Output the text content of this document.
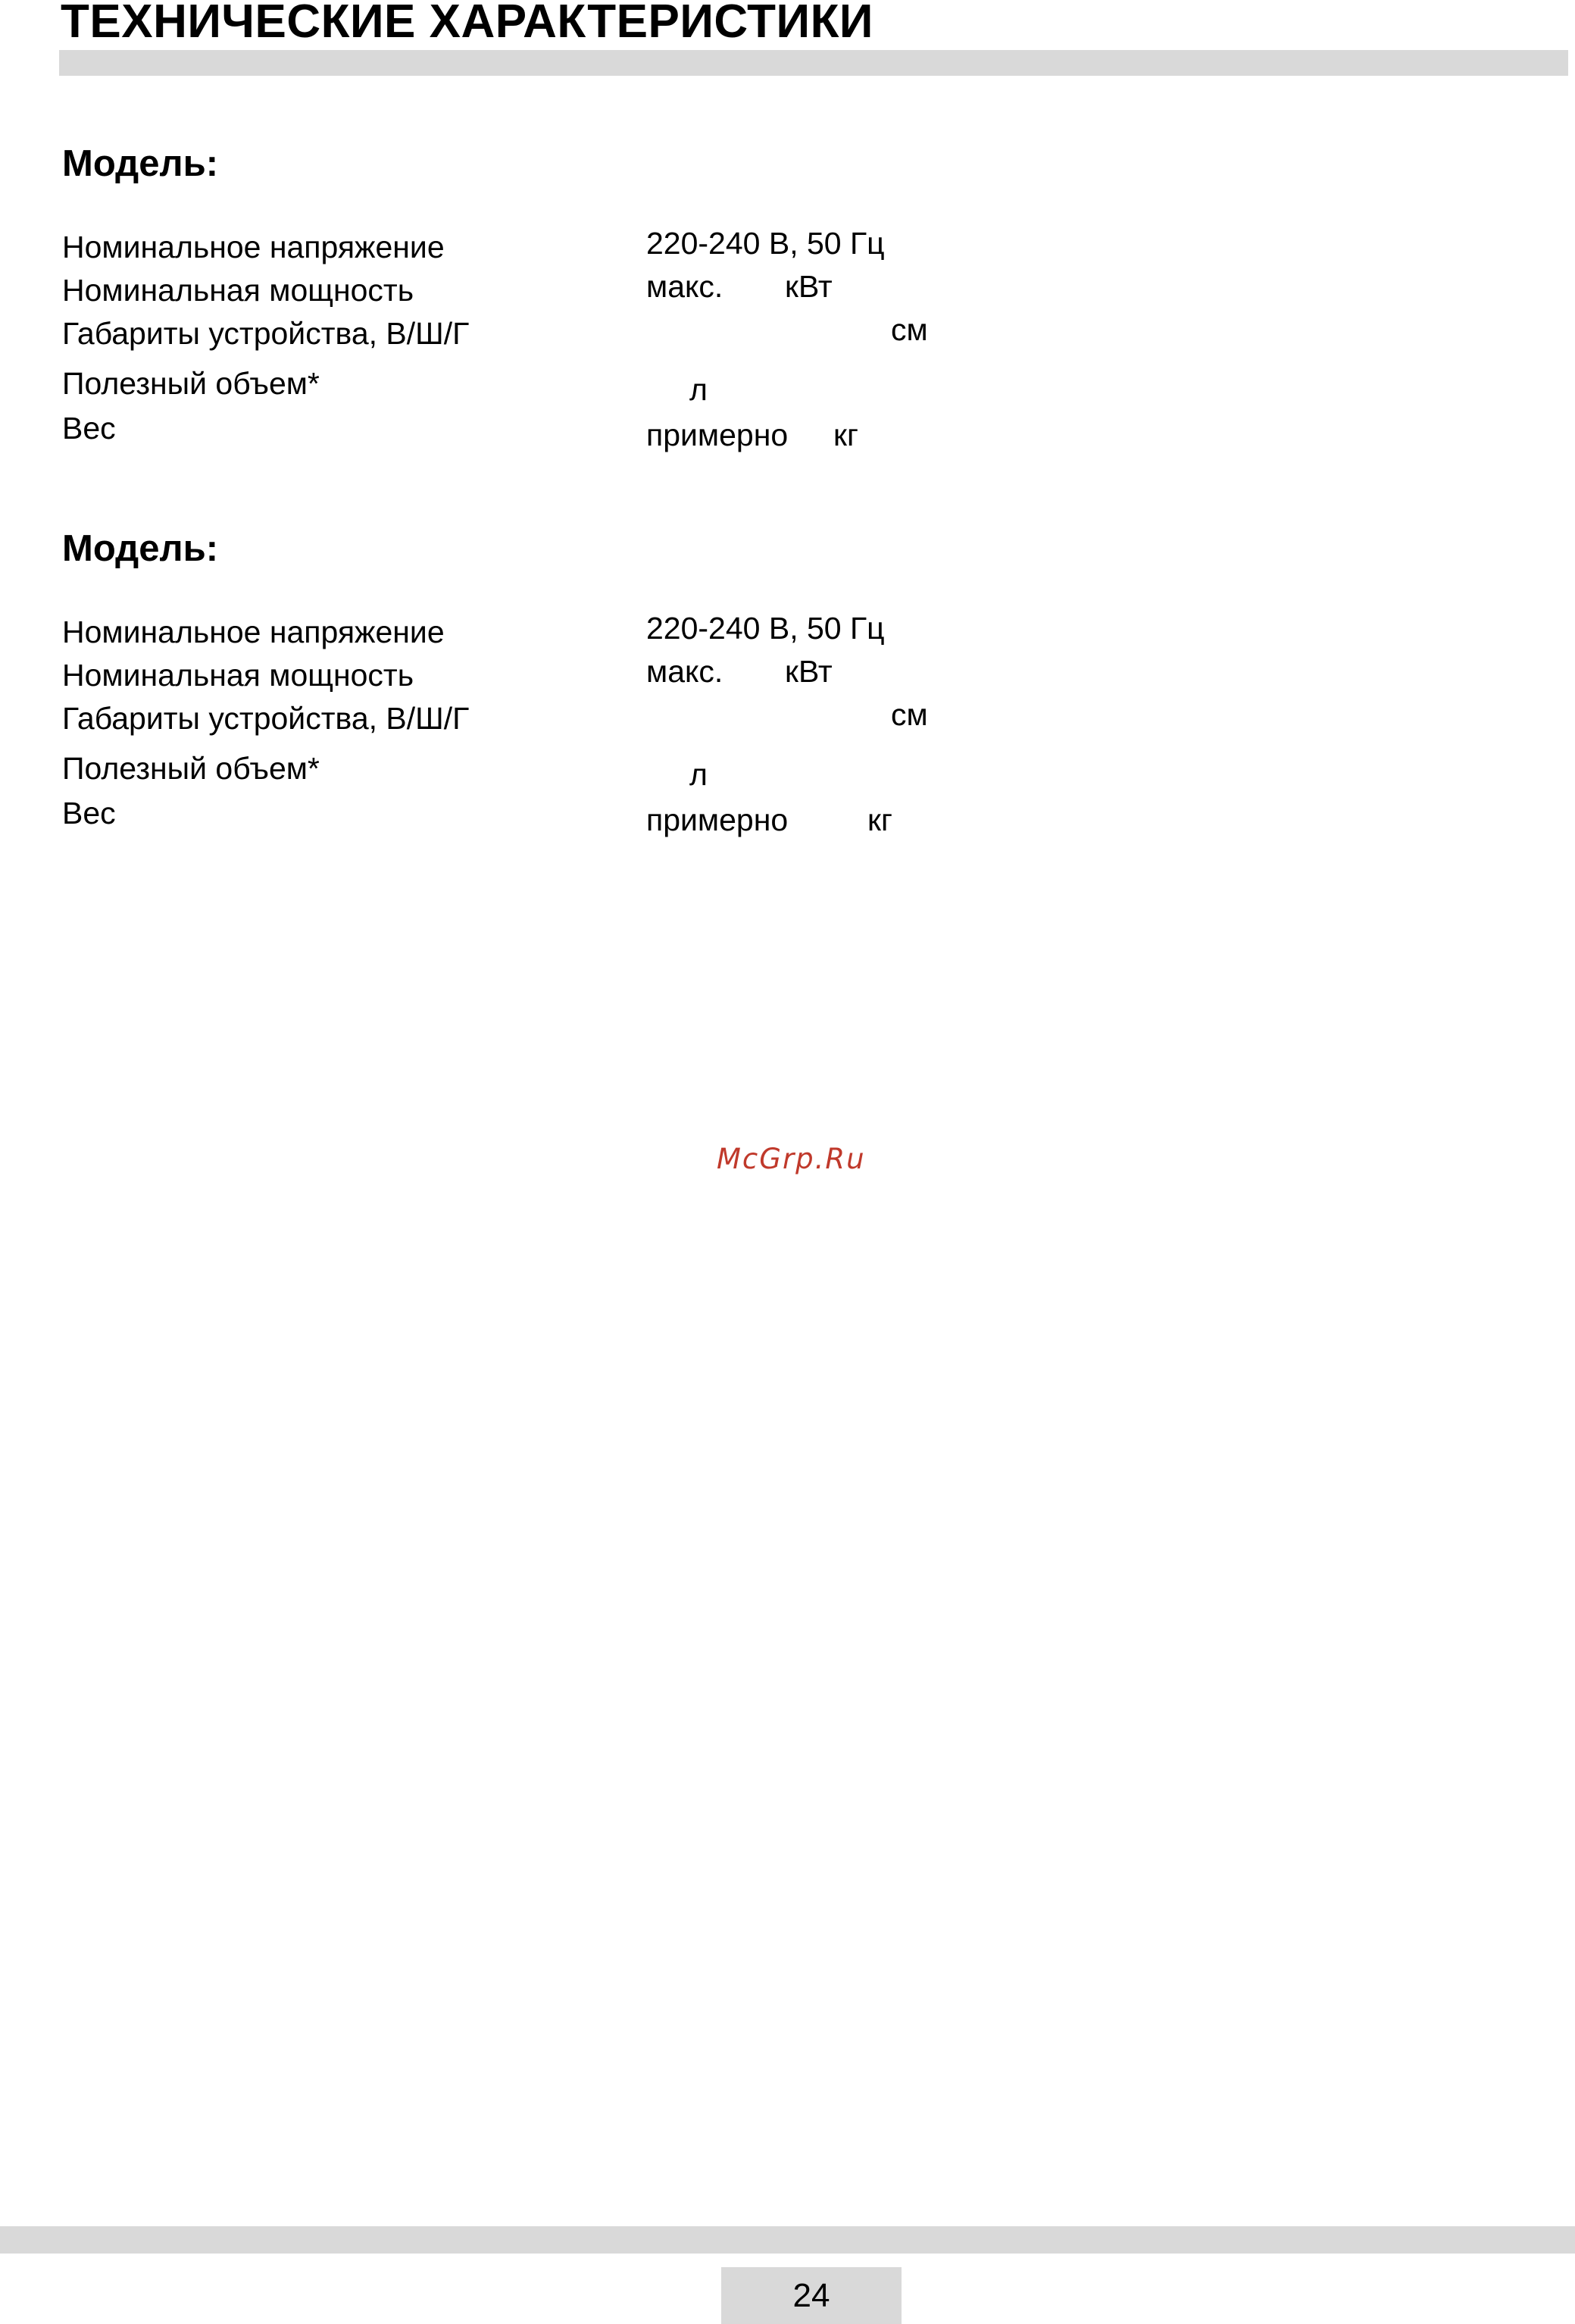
ТЕХНИЧЕСКИЕ ХАРАКТЕРИСТИКИ
Модель:
Номинальное напряжение	220-240 В, 50 Гц
Номинальная мощность	макс. кВт
Габариты устройства, В/Ш/Г	см
Полезный объем*	л
Вес	примерно кг
Модель:
Номинальное напряжение	220-240 В, 50 Гц
Номинальная мощность	макс. кВт
Габариты устройства, В/Ш/Г	см
Полезный объем*	л
Вес	примерно	кг
McGrp.Ru
24
